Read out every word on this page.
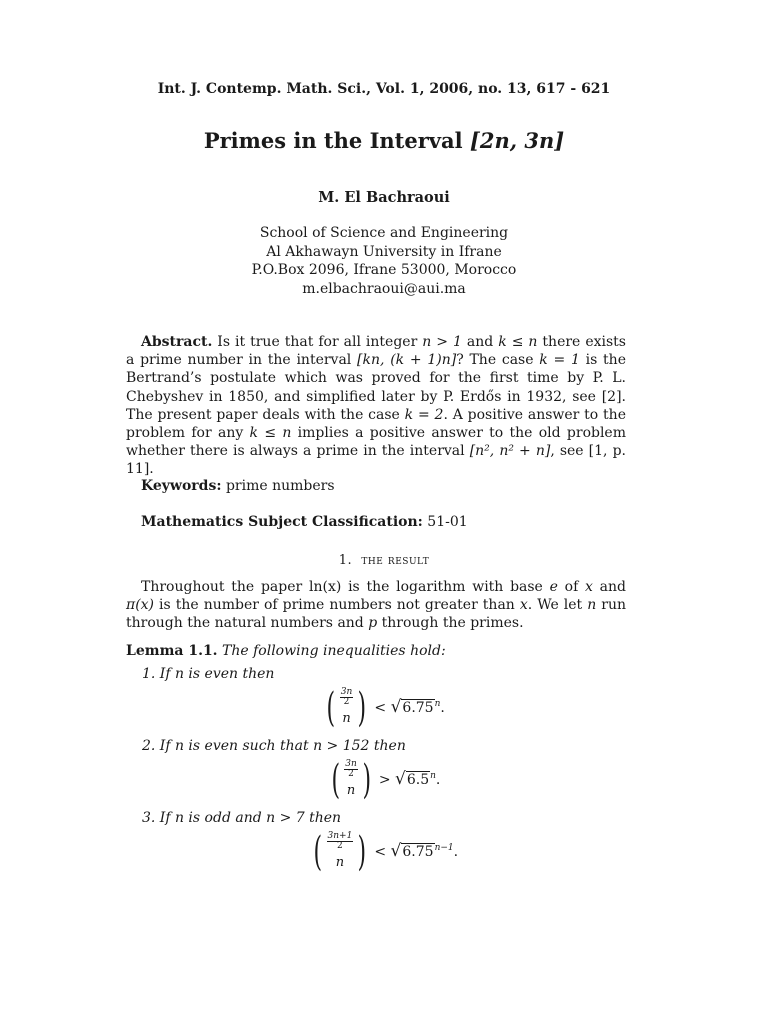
Int. J. Contemp. Math. Sci., Vol. 1, 2006, no. 13, 617 - 621
Primes in the Interval [2n, 3n]
M. El Bachraoui
School of Science and Engineering
Al Akhawayn University in Ifrane
P.O.Box 2096, Ifrane 53000, Morocco
m.elbachraoui@aui.ma

Abstract. Is it true that for all integer n > 1 and k ≤ n there exists a prime number in the interval [kn, (k + 1)n]? The case k = 1 is the Bertrand’s postulate which was proved for the first time by P. L. Chebyshev in 1850, and simplified later by P. Erdős in 1932, see [2]. The present paper deals with the case k = 2. A positive answer to the problem for any k ≤ n implies a positive answer to the old problem whether there is always a prime in the interval [n², n² + n], see [1, p. 11].

Keywords: prime numbers

Mathematics Subject Classification: 51-01

1. the result

Throughout the paper ln(x) is the logarithm with base e of x and π(x) is the number of prime numbers not greater than x. We let n run through the natural numbers and p through the primes.

Lemma 1.1. The following inequalities hold:

1. If n is even then
( $\frac{3n}{2}$
n ) < √ 6.75 $^n$.
2. If n is even such that n > 152 then
( $\frac{3n}{2}$
n ) > √ 6.5 $^n$.
3. If n is odd and n > 7 then
( $\frac{3n+1}{2}$
n ) < √ 6.75 $^{n-1}$.
